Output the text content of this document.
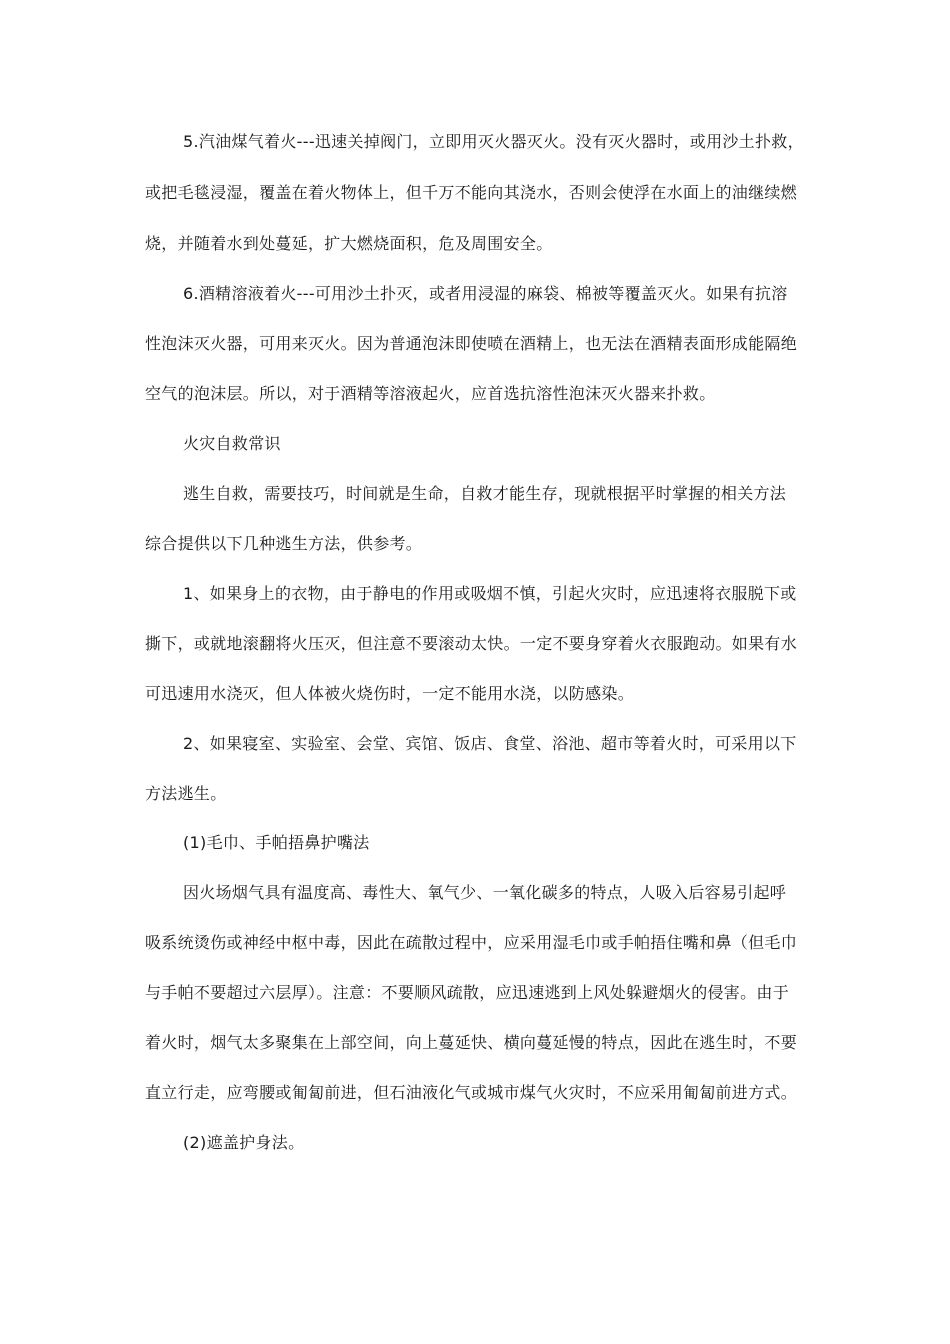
5.汽油煤气着火---迅速关掉阀门，立即用灭火器灭火。没有灭火器时，或用沙土扑救，
或把毛毯浸湿，覆盖在着火物体上，但千万不能向其浇水，否则会使浮在水面上的油继续燃
烧，并随着水到处蔓延，扩大燃烧面积，危及周围安全。
6.酒精溶液着火---可用沙土扑灭，或者用浸湿的麻袋、棉被等覆盖灭火。如果有抗溶
性泡沫灭火器，可用来灭火。因为普通泡沫即使喷在酒精上，也无法在酒精表面形成能隔绝
空气的泡沫层。所以，对于酒精等溶液起火，应首选抗溶性泡沫灭火器来扑救。
火灾自救常识
逃生自救，需要技巧，时间就是生命，自救才能生存，现就根据平时掌握的相关方法
综合提供以下几种逃生方法，供参考。
1、如果身上的衣物，由于静电的作用或吸烟不慎，引起火灾时，应迅速将衣服脱下或
撕下，或就地滚翻将火压灭，但注意不要滚动太快。一定不要身穿着火衣服跑动。如果有水
可迅速用水浇灭，但人体被火烧伤时，一定不能用水浇，以防感染。
2、如果寝室、实验室、会堂、宾馆、饭店、食堂、浴池、超市等着火时，可采用以下
方法逃生。
(1)毛巾、手帕捂鼻护嘴法
因火场烟气具有温度高、毒性大、氧气少、一氧化碳多的特点，人吸入后容易引起呼
吸系统烫伤或神经中枢中毒，因此在疏散过程中，应采用湿毛巾或手帕捂住嘴和鼻（但毛巾
与手帕不要超过六层厚）。注意：不要顺风疏散，应迅速逃到上风处躲避烟火的侵害。由于
着火时，烟气太多聚集在上部空间，向上蔓延快、横向蔓延慢的特点，因此在逃生时，不要
直立行走，应弯腰或匍匐前进，但石油液化气或城市煤气火灾时，不应采用匍匐前进方式。
(2)遮盖护身法。
